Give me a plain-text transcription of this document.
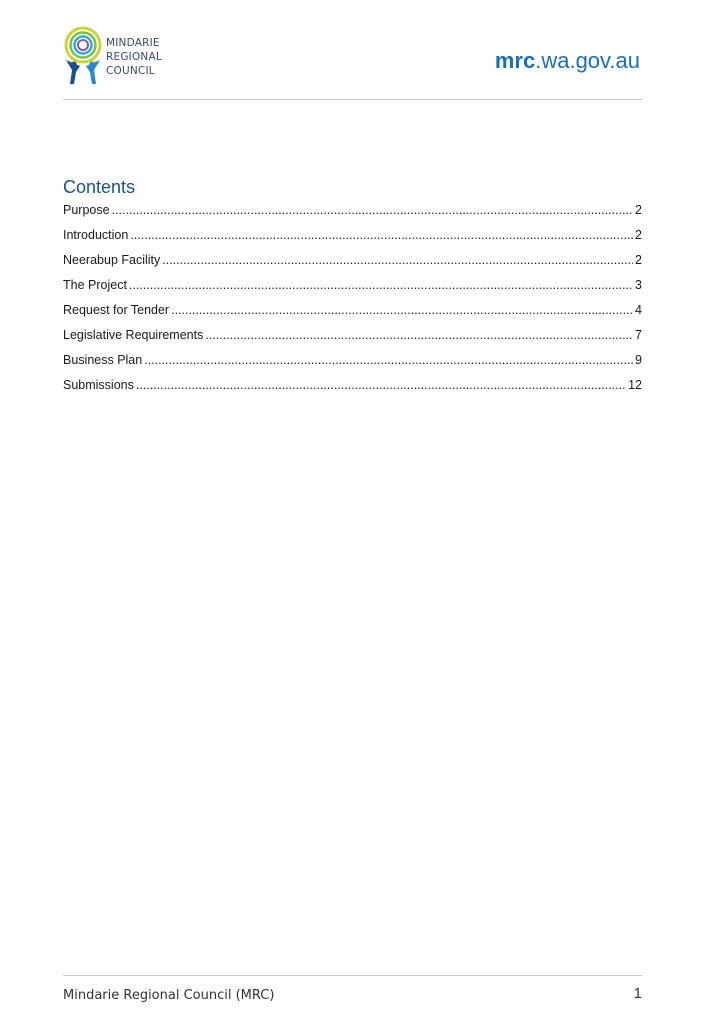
MINDARIE
REGIONAL
COUNCIL	mrc.wa.gov.au
Contents
Purpose .....	2
Introduction .....	2
Neerabup Facility .....	2
The Project .....	3
Request for Tender .....	4
Legislative Requirements .....	7
Business Plan .....	9
Submissions .....	12
Mindarie Regional Council (MRC)	1
